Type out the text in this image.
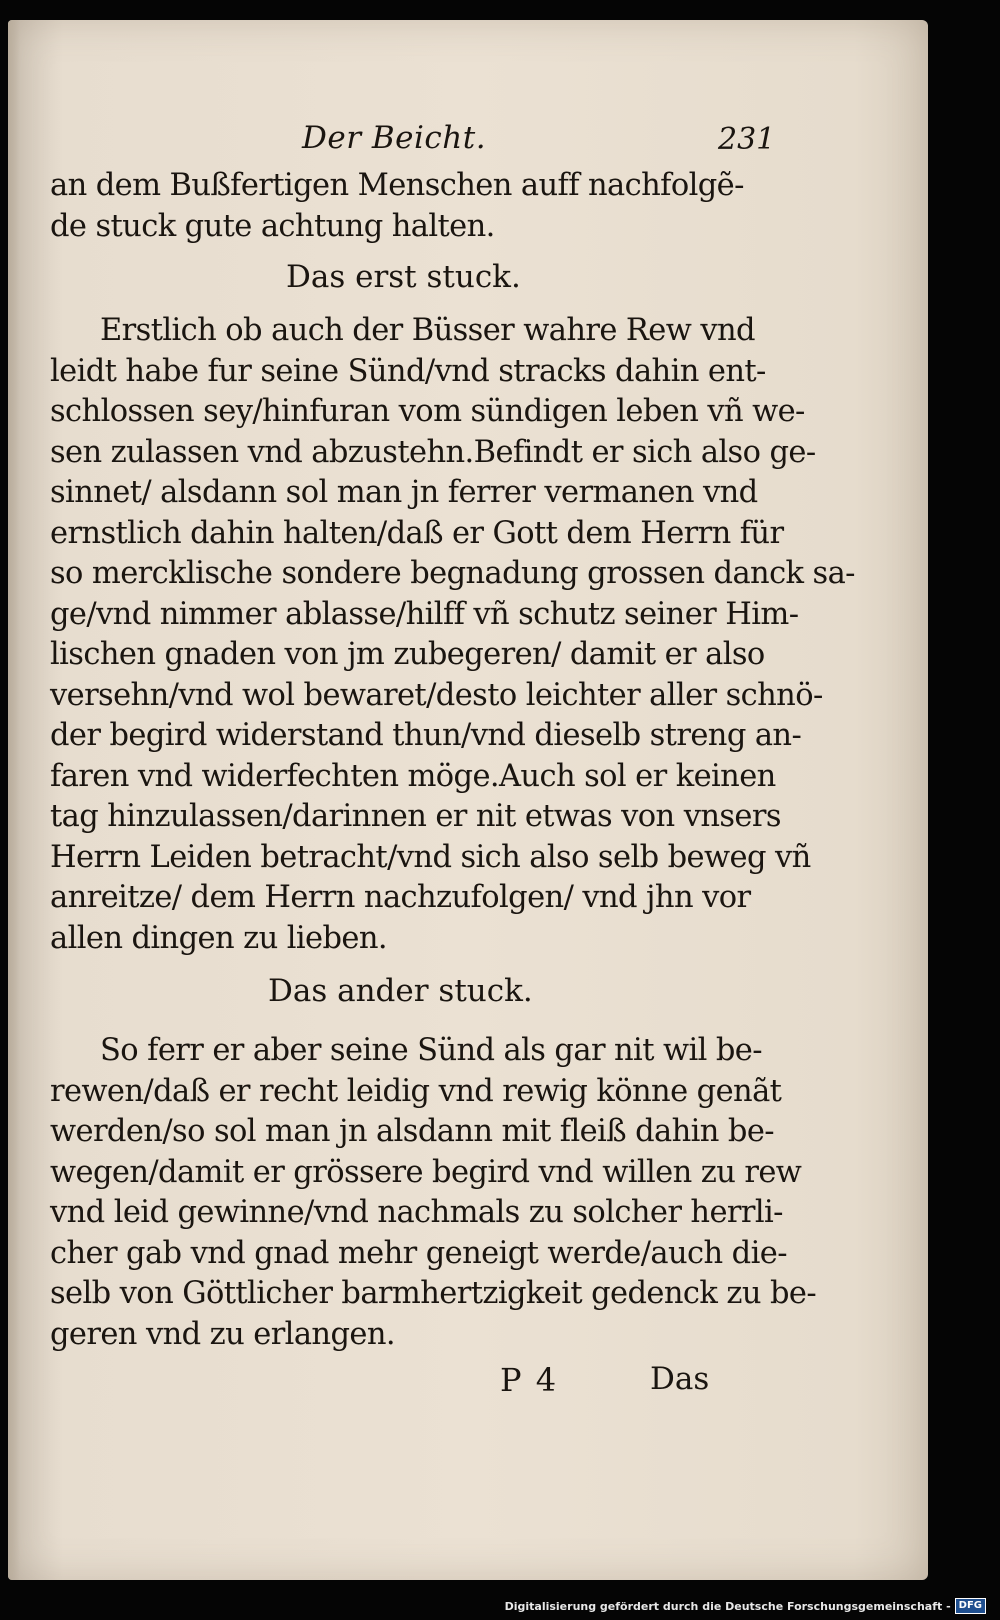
Der Beicht.	231
an dem Bußfertigen Menschen auff nachfolgẽ-
de stuck gute achtung halten.
Das erst stuck.
Erstlich ob auch der Büsser wahre Rew vnd
leidt habe fur seine Sünd/vnd stracks dahin ent-
schlossen sey/hinfuran vom sündigen leben vñ we-
sen zulassen vnd abzustehn.Befindt er sich also ge-
sinnet/ alsdann sol man jn ferrer vermanen vnd
ernstlich dahin halten/daß er Gott dem Herrn für
so mercklische sondere begnadung grossen danck sa-
ge/vnd nimmer ablasse/hilff vñ schutz seiner Him-
lischen gnaden von jm zubegeren/ damit er also
versehn/vnd wol bewaret/desto leichter aller schnö-
der begird widerstand thun/vnd dieselb streng an-
faren vnd widerfechten möge.Auch sol er keinen
tag hinzulassen/darinnen er nit etwas von vnsers
Herrn Leiden betracht/vnd sich also selb beweg vñ
anreitze/ dem Herrn nachzufolgen/ vnd jhn vor
allen dingen zu lieben.
Das ander stuck.
So ferr er aber seine Sünd als gar nit wil be-
rewen/daß er recht leidig vnd rewig könne genãt
werden/so sol man jn alsdann mit fleiß dahin be-
wegen/damit er grössere begird vnd willen zu rew
vnd leid gewinne/vnd nachmals zu solcher herrli-
cher gab vnd gnad mehr geneigt werde/auch die-
selb von Göttlicher barmhertzigkeit gedenck zu be-
geren vnd zu erlangen.
P 4	Das
Digitalisierung gefördert durch die Deutsche Forschungsgemeinschaft - DFG
